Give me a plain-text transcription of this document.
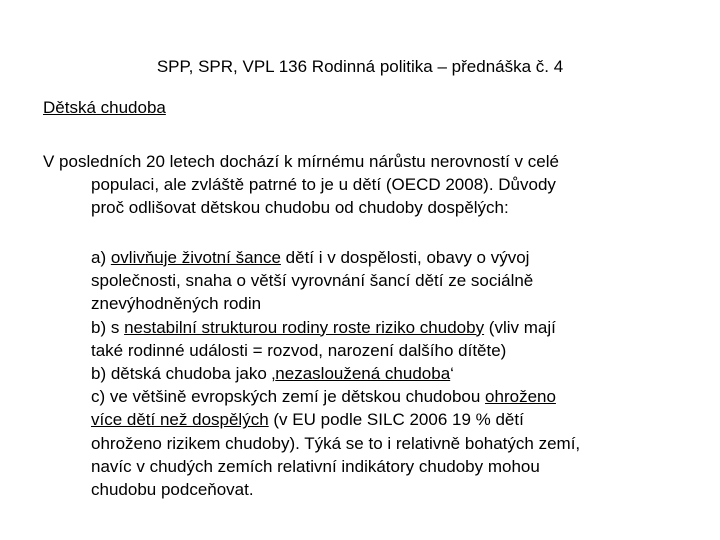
SPP, SPR, VPL 136 Rodinná politika – přednáška č. 4
Dětská chudoba
V posledních 20 letech dochází k mírnému nárůstu nerovností v celé
populaci, ale zvláště patrné to je u dětí (OECD 2008). Důvody
proč odlišovat dětskou chudobu od chudoby dospělých:
a) ovlivňuje životní šance dětí i v dospělosti, obavy o vývoj
společnosti, snaha o větší vyrovnání šancí dětí ze sociálně
znevýhodněných rodin
b) s nestabilní strukturou rodiny roste riziko chudoby (vliv mají
také rodinné události = rozvod, narození dalšího dítěte)
b) dětská chudoba jako ‚nezasloužená chudoba‘
c) ve většině evropských zemí je dětskou chudobou ohroženo
více dětí než dospělých (v EU podle SILC 2006 19 % dětí
ohroženo rizikem chudoby). Týká se to i relativně bohatých zemí,
navíc v chudých zemích relativní indikátory chudoby mohou
chudobu podceňovat.
